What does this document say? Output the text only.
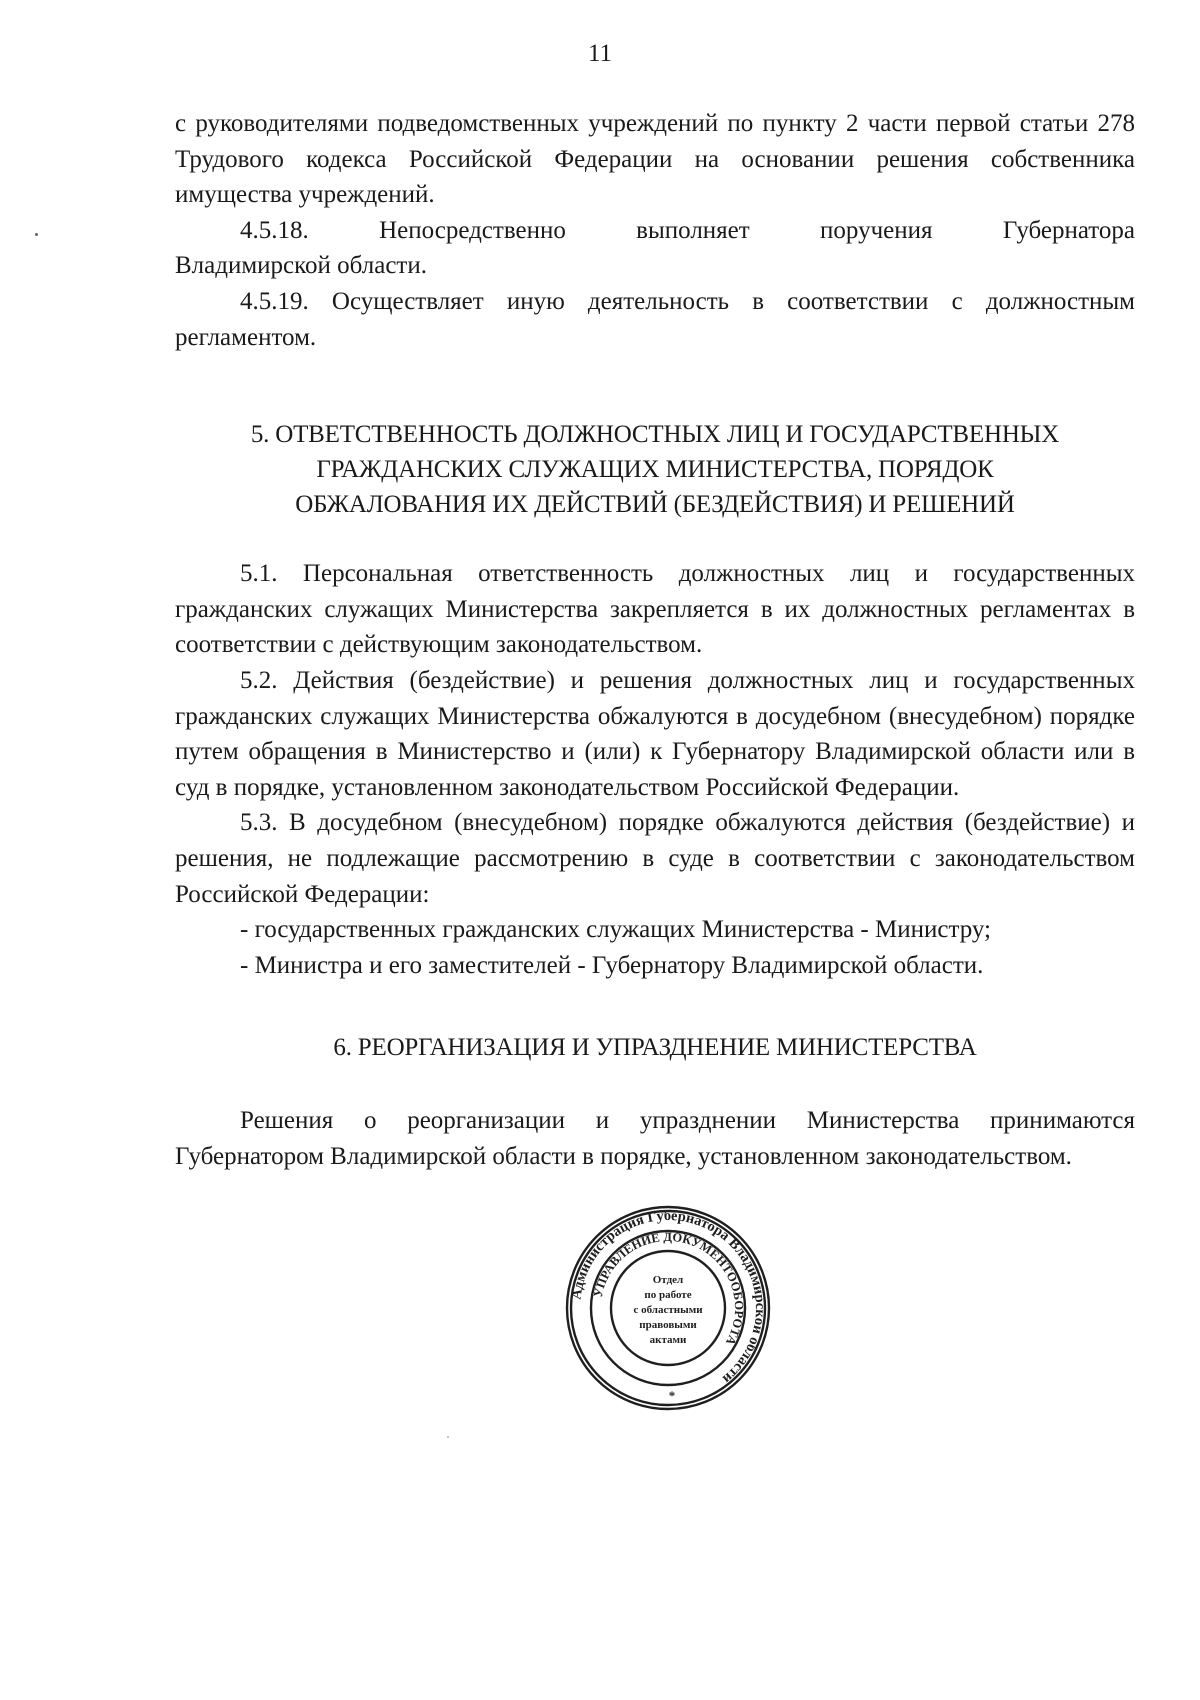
11

с руководителями подведомственных учреждений по пункту 2 части первой статьи 278 Трудового кодекса Российской Федерации на основании решения собственника имущества учреждений.

4.5.18. Непосредственно выполняет поручения Губернатора

Владимирской области.

4.5.19. Осуществляет иную деятельность в соответствии с должностным регламентом.

5. ОТВЕТСТВЕННОСТЬ ДОЛЖНОСТНЫХ ЛИЦ И ГОСУДАРСТВЕННЫХ
ГРАЖДАНСКИХ СЛУЖАЩИХ МИНИСТЕРСТВА, ПОРЯДОК
ОБЖАЛОВАНИЯ ИХ ДЕЙСТВИЙ (БЕЗДЕЙСТВИЯ) И РЕШЕНИЙ

5.1. Персональная ответственность должностных лиц и государственных гражданских служащих Министерства закрепляется в их должностных регламентах в соответствии с действующим законодательством.

5.2. Действия (бездействие) и решения должностных лиц и государственных гражданских служащих Министерства обжалуются в досудебном (внесудебном) порядке путем обращения в Министерство и (или) к Губернатору Владимирской области или в суд в порядке, установленном законодательством Российской Федерации.

5.3. В досудебном (внесудебном) порядке обжалуются действия (бездействие) и решения, не подлежащие рассмотрению в суде в соответствии с законодательством Российской Федерации:

- государственных гражданских служащих Министерства - Министру;

- Министра и его заместителей - Губернатору Владимирской области.

6. РЕОРГАНИЗАЦИЯ И УПРАЗДНЕНИЕ МИНИСТЕРСТВА

Решения о реорганизации и упразднении Министерства принимаются Губернатором Владимирской области в порядке, установленном законодательством.

Администрация Губернатора Владимирской области
УПРАВЛЕНИЕ ДОКУМЕНТООБОРОТА
Отдел
по работе
с областными
правовыми
актами
*
